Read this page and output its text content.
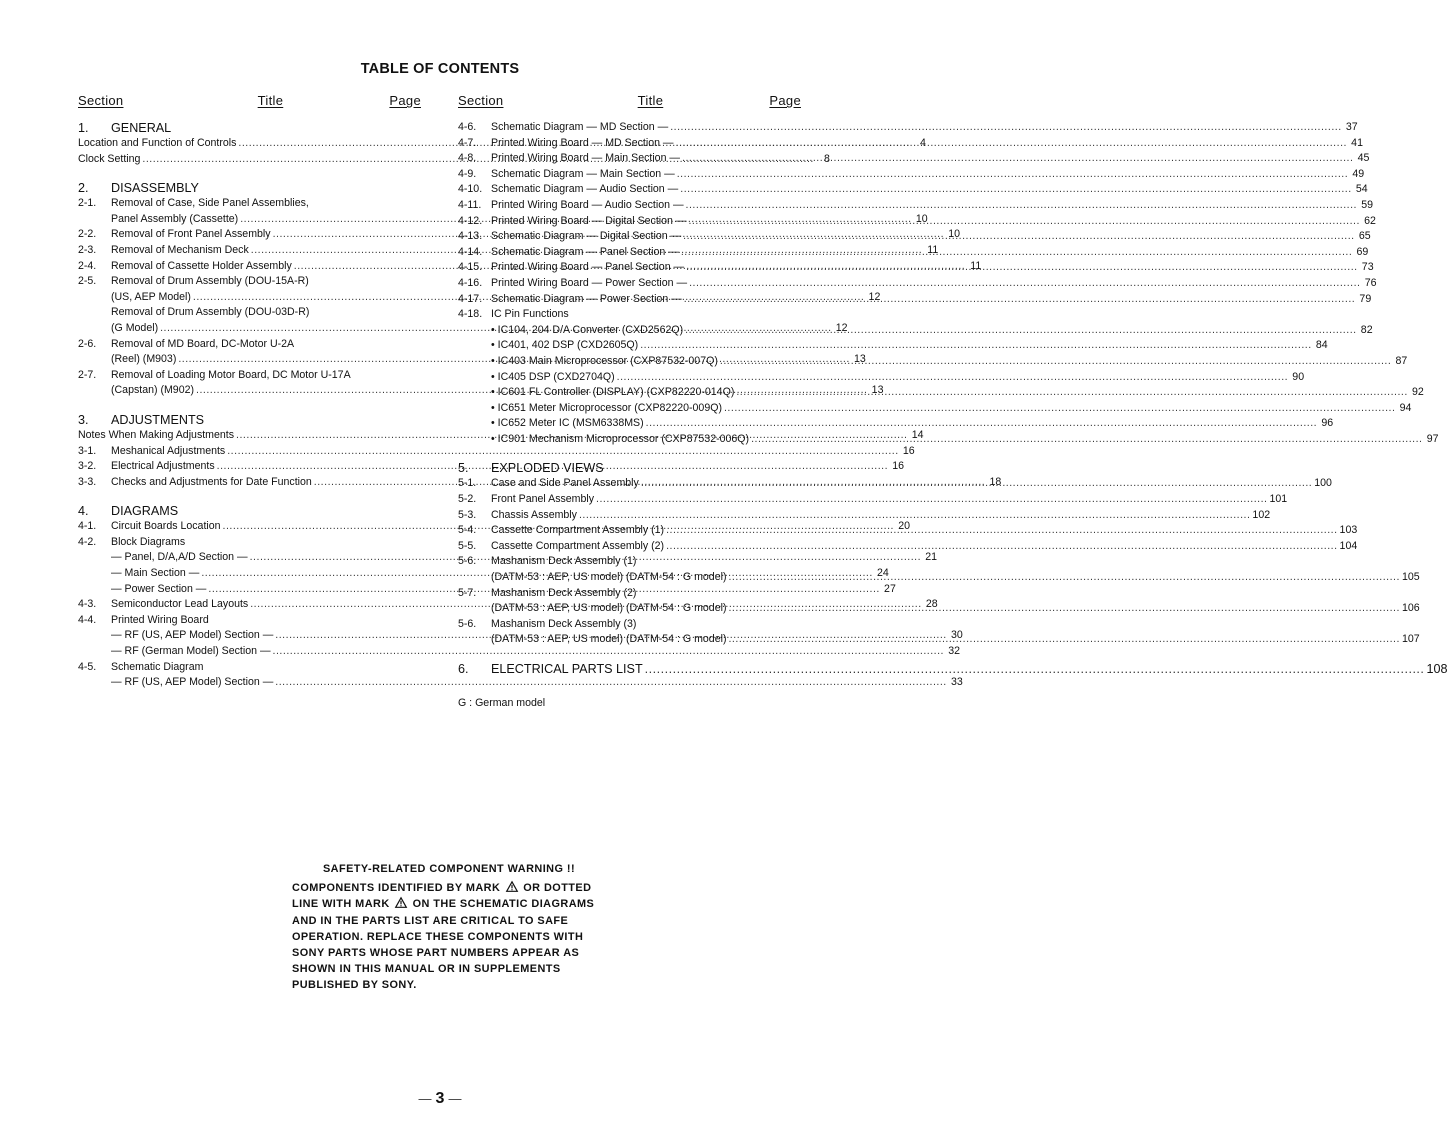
TABLE OF CONTENTS
Section	Title	Page
1.	GENERAL
Location and Function of Controls .....	4
Clock Setting .....	8
2.	DISASSEMBLY
2-1.	Removal of Case, Side Panel Assemblies,
Panel Assembly (Cassette) .....	10
2-2.	Removal of Front Panel Assembly .....	10
2-3.	Removal of Mechanism Deck .....	11
2-4.	Removal of Cassette Holder Assembly .....	11
2-5.	Removal of Drum Assembly (DOU-15A-R)
(US, AEP Model) .....	12
Removal of Drum Assembly (DOU-03D-R)
(G Model) .....	12
2-6.	Removal of MD Board, DC-Motor U-2A
(Reel) (M903) .....	13
2-7.	Removal of Loading Motor Board, DC Motor U-17A
(Capstan) (M902) .....	13
3.	ADJUSTMENTS
Notes When Making Adjustments .....	14
3-1.	Meshanical Adjustments .....	16
3-2.	Electrical Adjustments .....	16
3-3.	Checks and Adjustments for Date Function .....	18
4.	DIAGRAMS
4-1.	Circuit Boards Location .....	20
4-2.	Block Diagrams
— Panel, D/A,A/D Section — .....	21
— Main Section — .....	24
— Power Section — .....	27
4-3.	Semiconductor Lead Layouts .....	28
4-4.	Printed Wiring Board
— RF (US, AEP Model) Section — .....	30
— RF (German Model) Section — .....	32
4-5.	Schematic Diagram
— RF (US, AEP Model) Section — .....	33
Section	Title	Page
4-6.	Schematic Diagram — MD Section — .....	37
4-7.	Printed Wiring Board — MD Section — .....	41
4-8.	Printed Wiring Board — Main Section — .....	45
4-9.	Schematic Diagram — Main Section — .....	49
4-10. Schematic Diagram — Audio Section — .....	54
4-11. Printed Wiring Board — Audio Section — .....	59
4-12. Printed Wiring Board — Digital Section — .....	62
4-13. Schematic Diagram — Digital Section — .....	65
4-14. Schematic Diagram — Panel Section — .....	69
4-15. Printed Wiring Board — Panel Section — .....	73
4-16. Printed Wiring Board — Power Section — .....	76
4-17. Schematic Diagram — Power Section — .....	79
4-18. IC Pin Functions
• IC104, 204 D/A Converter (CXD2562Q) .....	82
• IC401, 402 DSP (CXD2605Q) .....	84
• IC403 Main Microprocessor (CXP87532-007Q) .....	87
• IC405 DSP (CXD2704Q) .....	90
• IC601 FL Controller (DISPLAY) (CXP82220-014Q) .....	92
• IC651 Meter Microprocessor (CXP82220-009Q) .....	94
• IC652 Meter IC (MSM6338MS) .....	96
• IC901 Mechanism Microprocessor (CXP87532-006Q) .....	97
5.	EXPLODED VIEWS
5-1.	Case and Side Panel Assembly .....	100
5-2.	Front Panel Assembly .....	101
5-3.	Chassis Assembly .....	102
5-4.	Cassette Compartment Assembly (1) .....	103
5-5.	Cassette Compartment Assembly (2) .....	104
5-6.	Mashanism Deck Assembly (1)
(DATM-53 : AEP, US model) (DATM-54 : G model) .....	105
5-7.	Mashanism Deck Assembly (2)
(DATM-53 : AEP, US model) (DATM-54 : G model) .....	106
5-6.	Mashanism Deck Assembly (3)
(DATM-53 : AEP, US model) (DATM-54 : G model) .....	107
6.	ELECTRICAL PARTS LIST .....	108
G : German model
SAFETY-RELATED COMPONENT WARNING !!
COMPONENTS IDENTIFIED BY MARK  OR DOTTED
LINE WITH MARK  ON THE SCHEMATIC DIAGRAMS
AND IN THE PARTS LIST ARE CRITICAL TO SAFE
OPERATION. REPLACE THESE COMPONENTS WITH
SONY PARTS WHOSE PART NUMBERS APPEAR AS
SHOWN IN THIS MANUAL OR IN SUPPLEMENTS
PUBLISHED BY SONY.
— 3 —
